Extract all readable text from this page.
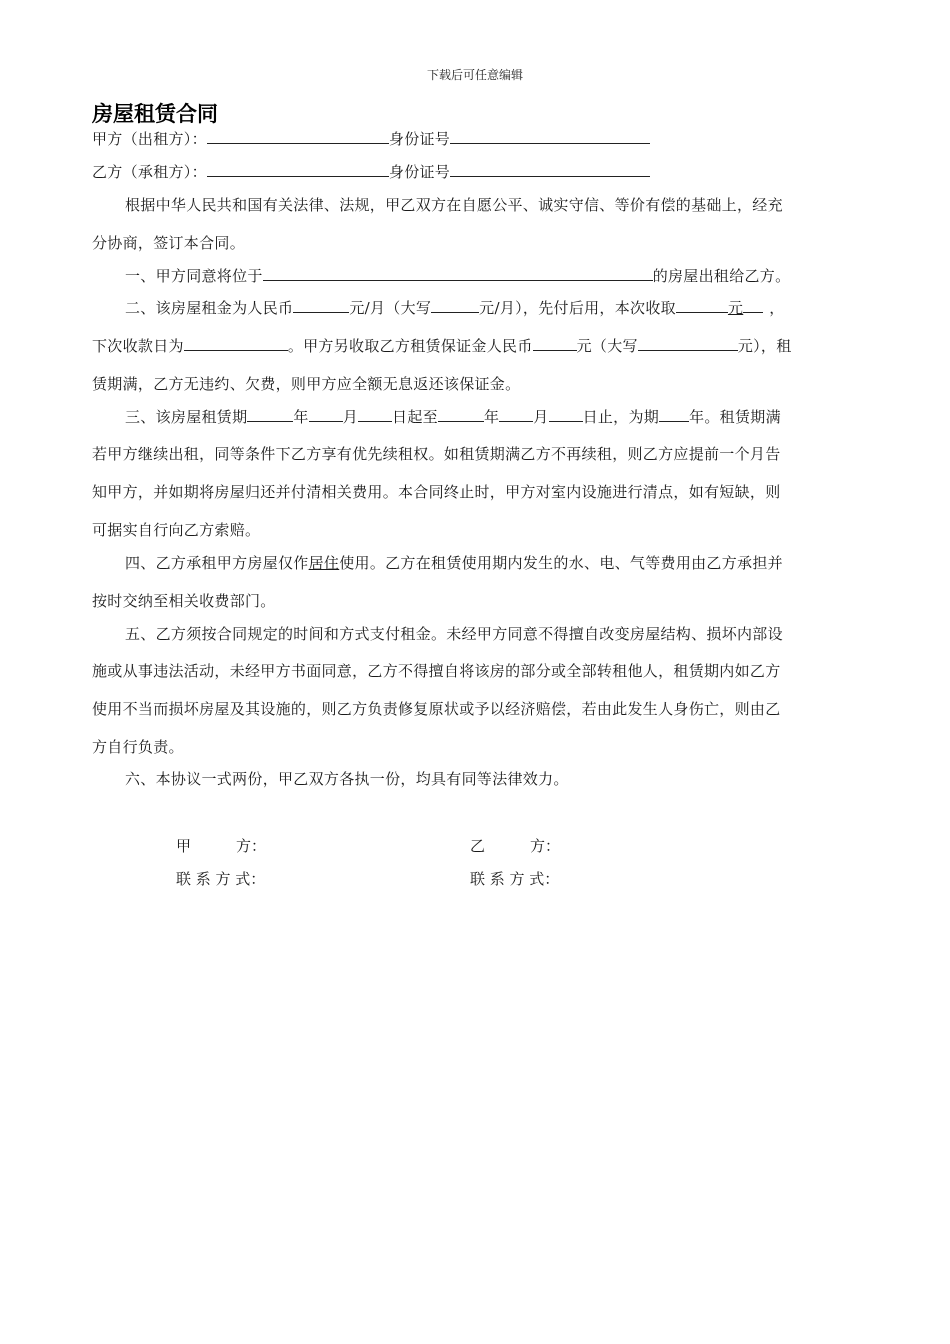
下载后可任意编辑
房屋租赁合同
甲方（出租方）：	身份证号
乙方（承租方）：	身份证号
根据中华人民共和国有关法律、法规，甲乙双方在自愿公平、诚实守信、等价有偿的基础上，经充
分协商，签订本合同。
一、甲方同意将位于	的房屋出租给乙方。
二、该房屋租金为人民币	元/月（大写	元/月），先付后用，本次收取	元 ，
下次收款日为	。甲方另收取乙方租赁保证金人民币	元（大写	元），租
赁期满，乙方无违约、欠费，则甲方应全额无息返还该保证金。
三、该房屋租赁期	年 月 日起至	年 月 日止，为期 年。租赁期满
若甲方继续出租，同等条件下乙方享有优先续租权。如租赁期满乙方不再续租，则乙方应提前一个月告
知甲方，并如期将房屋归还并付清相关费用。本合同终止时，甲方对室内设施进行清点，如有短缺，则
可据实自行向乙方索赔。
四、乙方承租甲方房屋仅作居住使用。乙方在租赁使用期内发生的水、电、气等费用由乙方承担并
按时交纳至相关收费部门。
五、乙方须按合同规定的时间和方式支付租金。未经甲方同意不得擅自改变房屋结构、损坏内部设
施或从事违法活动，未经甲方书面同意，乙方不得擅自将该房的部分或全部转租他人，租赁期内如乙方
使用不当而损坏房屋及其设施的，则乙方负责修复原状或予以经济赔偿，若由此发生人身伤亡，则由乙
方自行负责。
六、本协议一式两份，甲乙双方各执一份，均具有同等法律效力。
甲　　　方：	乙　　　方：
联 系 方 式：	联 系 方 式：
